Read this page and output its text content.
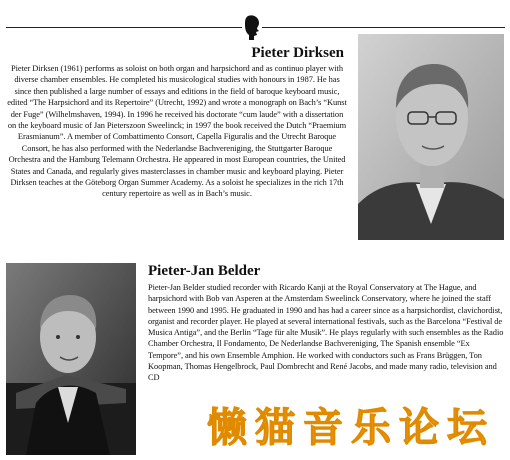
Pieter Dirksen

Pieter Dirksen (1961) performs as soloist on both organ and harpsichord and as continuo player with diverse chamber ensembles. He completed his musicological studies with honours in 1987. He has since then published a large number of essays and editions in the field of baroque keyboard music, edited “The Harpsichord and its Repertoire” (Utrecht, 1992) and wrote a monograph on Bach’s “Kunst der Fuge” (Wilhelmshaven, 1994). In 1996 he received his doctorate “cum laude” with a dissertation on the keyboard music of Jan Pieterszoon Sweelinck; in 1997 the book received the Dutch “Praemium Erasmianum”. A member of Combattimento Consort, Capella Figuralis and the Utrecht Baroque Consort, he has also performed with the Nederlandse Bachvereniging, the Stuttgarter Baroque Orchestra and the Hamburg Telemann Orchestra. He appeared in most European countries, the United States and Canada, and regularly gives masterclasses in chamber music and keyboard playing. Pieter Dirksen teaches at the Göteborg Organ Summer Academy. As a soloist he specializes in the rich 17th century repertoire as well as in Bach’s music.

Pieter-Jan Belder

Pieter-Jan Belder studied recorder with Ricardo Kanji at the Royal Conservatory at The Hague, and harpsichord with Bob van Asperen at the Amsterdam Sweelinck Conservatory, where he joined the staff between 1990 and 1995. He graduated in 1990 and has had a career since as a harpsichordist, clavichordist, organist and recorder player. He played at several international festivals, such as the Barcelona “Festival de Musica Antiga”, and the Berlin “Tage für alte Musik”. He plays regularly with such ensembles as the Radio Chamber Orchestra, Il Fondamento, De Nederlandse Bachvereniging, The Spanish ensemble “Ex Tempore”, and his own Ensemble Amphion. He worked with conductors such as Frans Brüggen, Ton Koopman, Thomas Hengelbrock, Paul Dombrecht and René Jacobs, and made many radio, television and CD

懒猫音乐论坛
